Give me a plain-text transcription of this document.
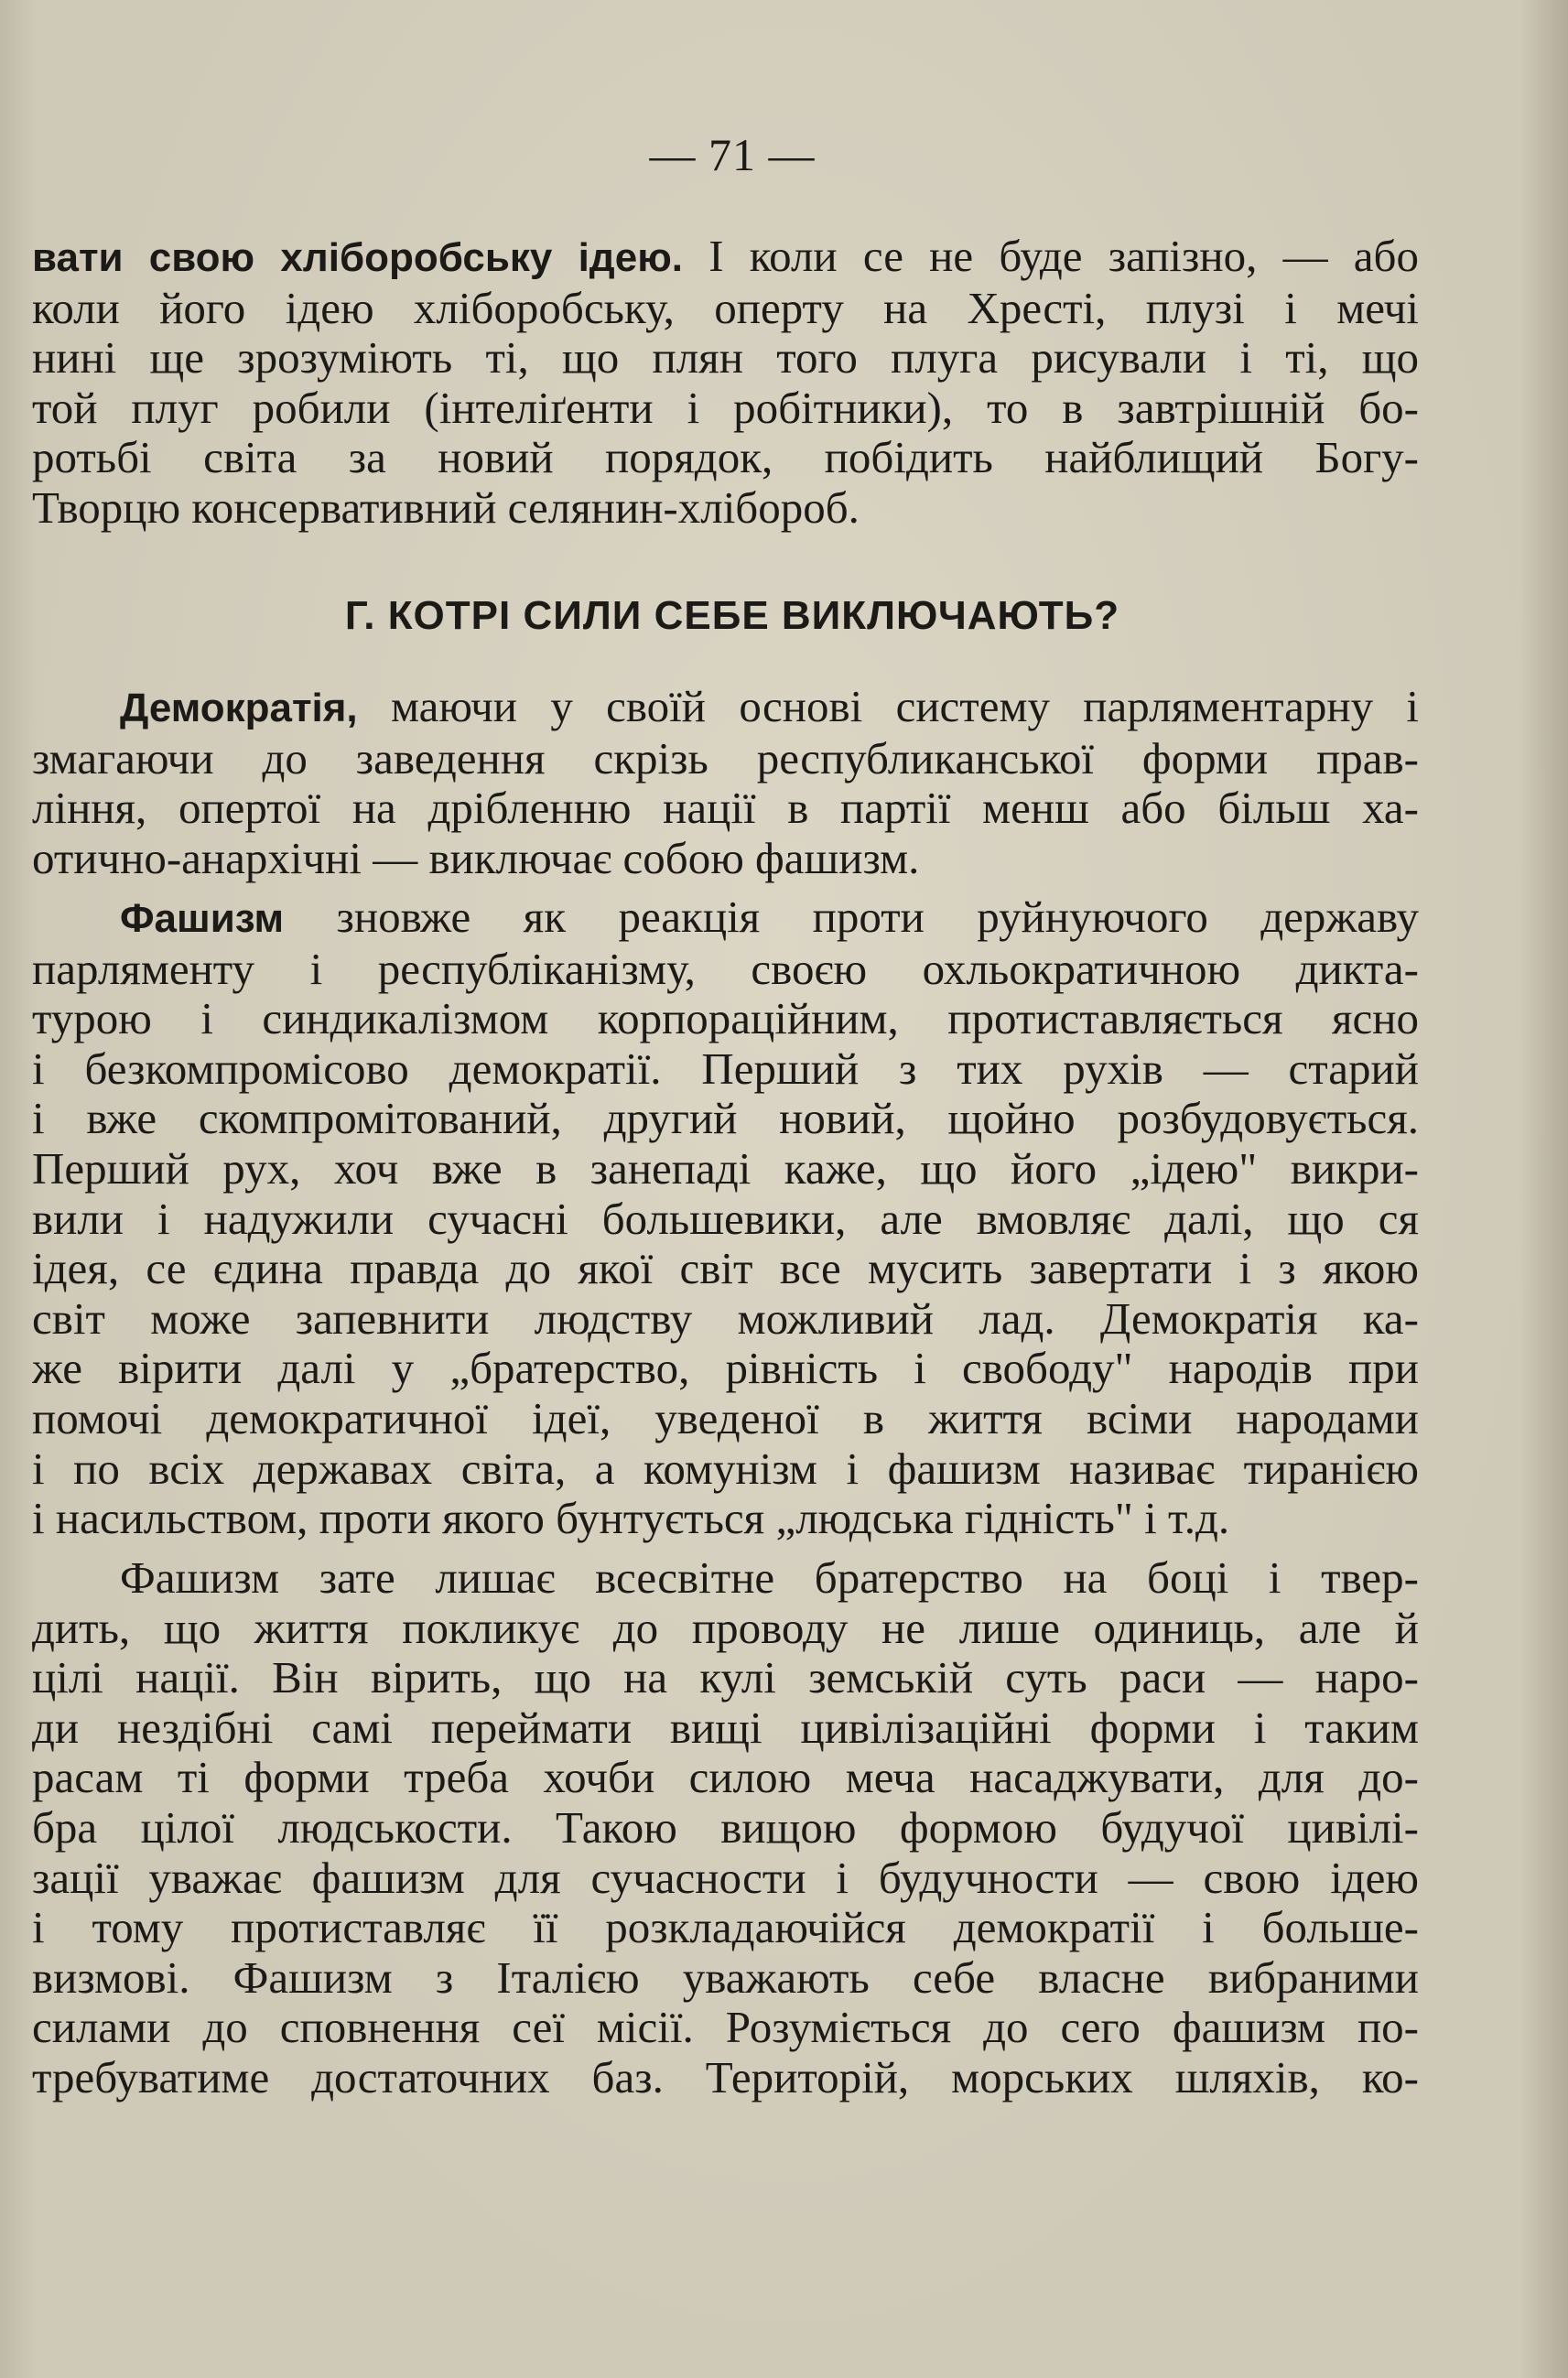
— 71 —
вати свою хліборобську ідею. І коли се не буде запізно, — або
коли його ідею хліборобську, оперту на Хресті, плузі і мечі
нині ще зрозуміють ті, що плян того плуга рисували і ті, що
той плуг робили (інтеліґенти і робітники), то в завтрішній бо-
ротьбі світа за новий порядок, побідить найблищий Богу-
Творцю консервативний селянин-хлібороб.
Г. КОТРІ СИЛИ СЕБЕ ВИКЛЮЧАЮТЬ?
Демократія, маючи у своїй основі систему парляментарну і
змагаючи до заведення скрізь республиканської форми прав-
ління, опертої на дрібленню нації в партії менш або більш ха-
отично-анархічні — виключає собою фашизм.
Фашизм зновже як реакція проти руйнуючого державу
парляменту і республіканізму, своєю охльократичною дикта-
турою і синдикалізмом корпораційним, протиставляється ясно
і безкомпромісово демократії. Перший з тих рухів — старий
і вже скомпромітований, другий новий, щойно розбудовується.
Перший рух, хоч вже в занепаді каже, що його „ідею" викри-
вили і надужили сучасні большевики, але вмовляє далі, що ся
ідея, се єдина правда до якої світ все мусить завертати і з якою
світ може запевнити людству можливий лад. Демократія ка-
же вірити далі у „братерство, рівність і свободу" народів при
помочі демократичної ідеї, уведеної в життя всіми народами
і по всіх державах світа, а комунізм і фашизм називає тиранією
і насильством, проти якого бунтується „людська гідність" і т.д.
Фашизм зате лишає всесвітне братерство на боці і твер-
дить, що життя покликує до проводу не лише одиниць, але й
цілі нації. Він вірить, що на кулі земській суть раси — наро-
ди нездібні самі переймати вищі цивілізаційні форми і таким
расам ті форми треба хочби силою меча насаджувати, для до-
бра цілої людськости. Такою вищою формою будучої цивілі-
зації уважає фашизм для сучасности і будучности — свою ідею
і тому протиставляє її розкладаючійся демократії і больше-
визмові. Фашизм з Італією уважають себе власне вибраними
силами до сповнення сеї місії. Розуміється до сего фашизм по-
требуватиме достаточних баз. Територій, морських шляхів, ко-
